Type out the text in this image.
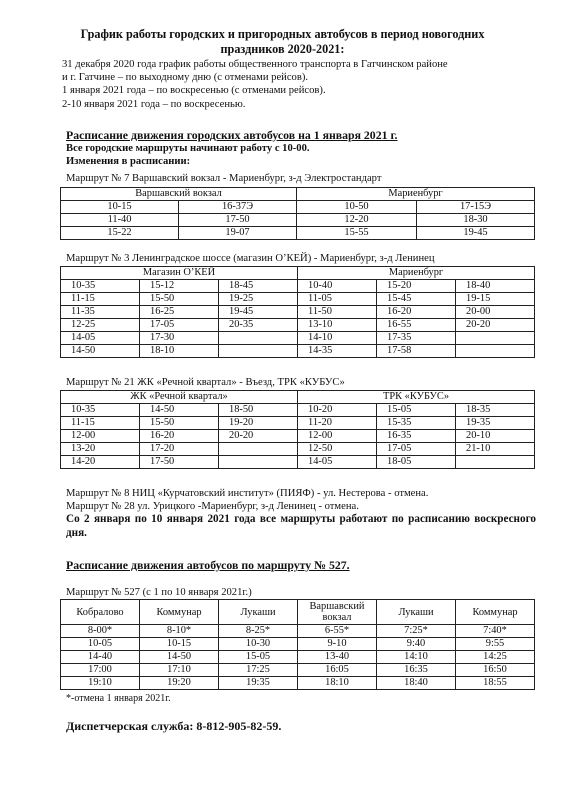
График работы городских и пригородных автобусов в период новогодних праздников 2020-2021:
31 декабря 2020 года график работы общественного транспорта в Гатчинском районе
и г. Гатчине – по выходному дню (с отменами рейсов).
1 января 2021 года – по воскресенью (с отменами рейсов).
2-10 января 2021 года – по воскресенью.
Расписание движения городских автобусов на 1 января 2021 г.
Все городские маршруты начинают работу с 10-00.
Изменения в расписании:
Маршрут № 7 Варшавский вокзал - Мариенбург, з-д Электростандарт
Варшавский вокзал		Мариенбург	
10-15	16-37Э	10-50	17-15Э
11-40	17-50	12-20	18-30
15-22	19-07	15-55	19-45
Маршрут № 3 Ленинградское шоссе (магазин О’КЕЙ) - Мариенбург, з-д Ленинец
Магазин О’КЕЙ			Мариенбург		
10-35	15-12	18-45	10-40	15-20	18-40
11-15	15-50	19-25	11-05	15-45	19-15
11-35	16-25	19-45	11-50	16-20	20-00
12-25	17-05	20-35	13-10	16-55	20-20
14-05	17-30		14-10	17-35	
14-50	18-10		14-35	17-58	
Маршрут № 21 ЖК «Речной квартал» - Въезд, ТРК «КУБУС»
ЖК «Речной квартал»			ТРК «КУБУС»		
10-35	14-50	18-50	10-20	15-05	18-35
11-15	15-50	19-20	11-20	15-35	19-35
12-00	16-20	20-20	12-00	16-35	20-10
13-20	17-20		12-50	17-05	21-10
14-20	17-50		14-05	18-05	
Маршрут № 8 НИЦ «Курчатовский институт» (ПИЯФ) - ул. Нестерова - отмена.
Маршрут № 28 ул. Урицкого -Мариенбург, з-д Ленинец - отмена.
Со 2 января по 10 января 2021 года все маршруты работают по расписанию воскресного дня.
Расписание движения автобусов по маршруту № 527.
Маршрут № 527 (с 1 по 10 января 2021г.)
Кобралово	Коммунар	Лукаши	Варшавский вокзал	Лукаши	Коммунар
8-00*	8-10*	8-25*	6-55*	7:25*	7:40*
10-05	10-15	10-30	9-10	9:40	9:55
14-40	14-50	15-05	13-40	14:10	14:25
17:00	17:10	17:25	16:05	16:35	16:50
19:10	19:20	19:35	18:10	18:40	18:55
*-отмена 1 января 2021г.
Диспетчерская служба: 8-812-905-82-59.
